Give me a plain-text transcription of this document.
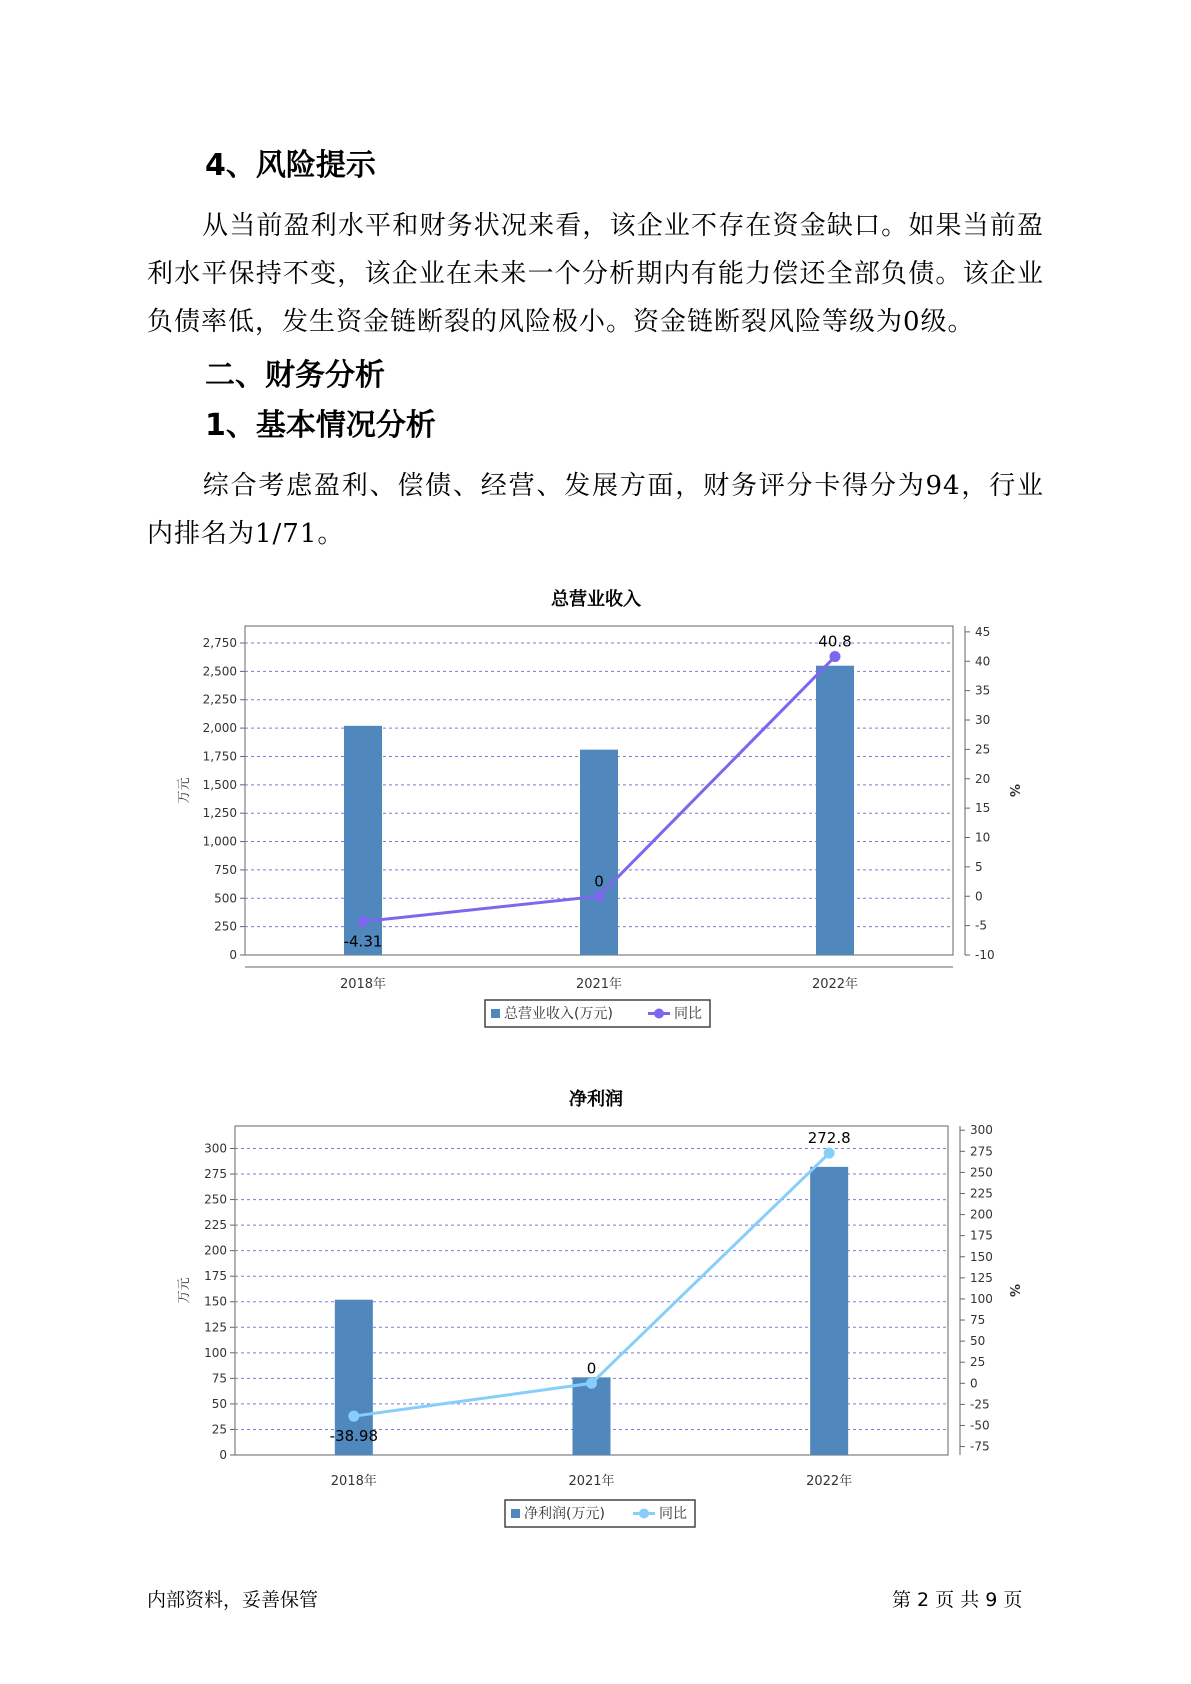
4、风险提示

从当前盈利水平和财务状况来看，该企业不存在资金缺口。如果当前盈利水平保持不变，该企业在未来一个分析期内有能力偿还全部负债。该企业负债率低，发生资金链断裂的风险极小。资金链断裂风险等级为0级。

二、财务分析
1、基本情况分析

综合考虑盈利、偿债、经营、发展方面，财务评分卡得分为94，行业内排名为1/71。

总营业收入
0
250
500
750
1,000
1,250
1,500
1,750
2,000
2,250
2,500
2,750
-10
-5
0
5
10
15
20
25
30
35
40
45
万元	%
2018年	2021年	2022年
-4.31
0
40.8
总营业收入(万元)	同比
净利润
0
25
50
75
100
125
150
175
200
225
250
275
300
-75
-50
-25
0
25
50
75
100
125
150
175
200
225
250
275
300
万元	%
2018年	2021年	2022年
-38.98
0
272.8
净利润(万元)	同比
内部资料，妥善保管	第 2 页 共 9 页
